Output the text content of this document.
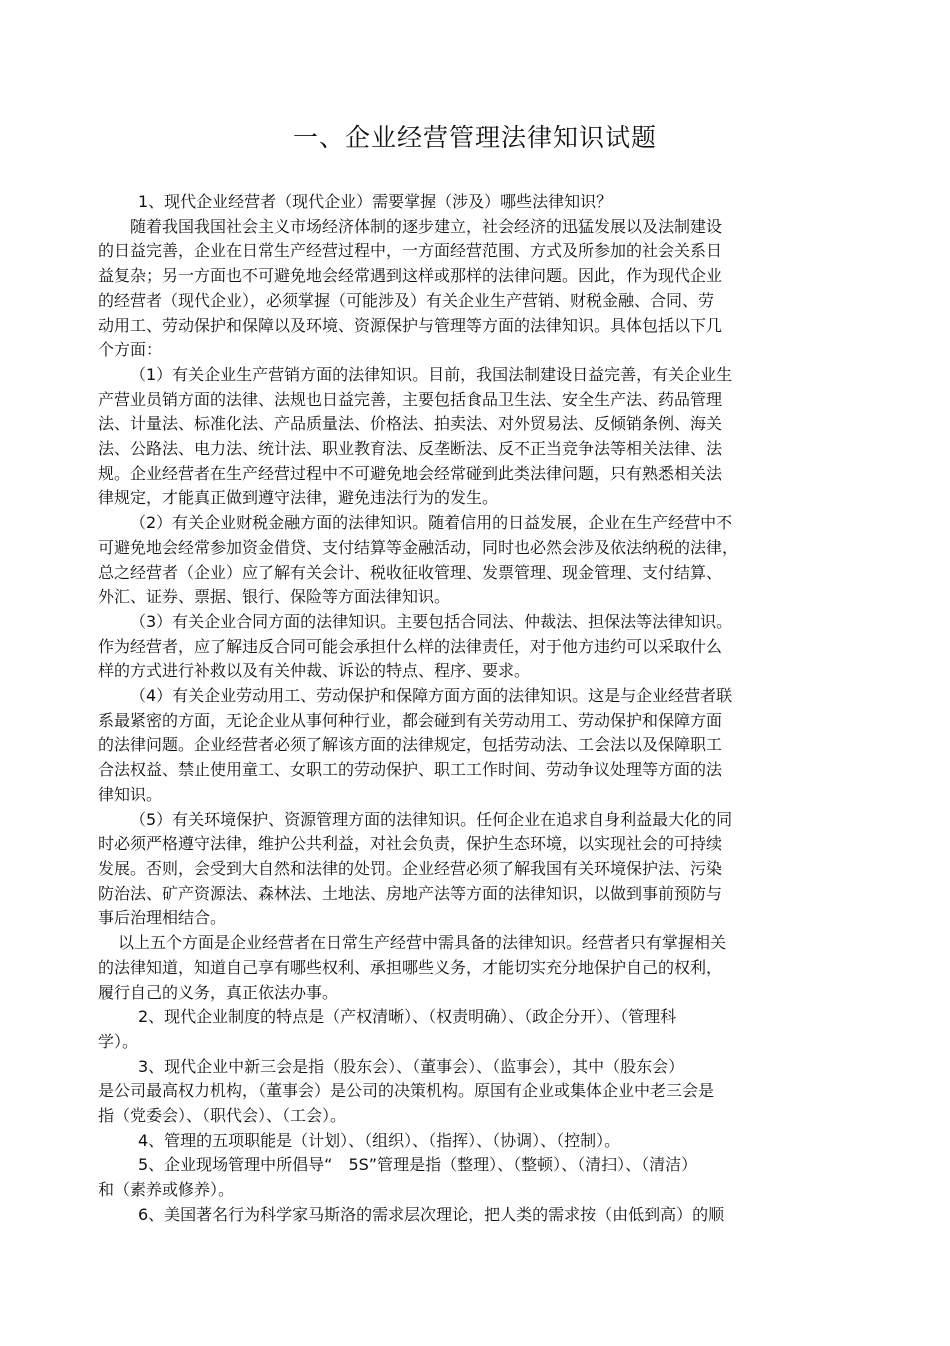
一、企业经营管理法律知识试题
1、现代企业经营者（现代企业）需要掌握（涉及）哪些法律知识？
随着我国我国社会主义市场经济体制的逐步建立，社会经济的迅猛发展以及法制建设
的日益完善，企业在日常生产经营过程中，一方面经营范围、方式及所参加的社会关系日
益复杂；另一方面也不可避免地会经常遇到这样或那样的法律问题。因此，作为现代企业
的经营者（现代企业），必须掌握（可能涉及）有关企业生产营销、财税金融、合同、劳
动用工、劳动保护和保障以及环境、资源保护与管理等方面的法律知识。具体包括以下几
个方面：
（1）有关企业生产营销方面的法律知识。目前，我国法制建设日益完善，有关企业生
产营业员销方面的法律、法规也日益完善，主要包括食品卫生法、安全生产法、药品管理
法、计量法、标准化法、产品质量法、价格法、拍卖法、对外贸易法、反倾销条例、海关
法、公路法、电力法、统计法、职业教育法、反垄断法、反不正当竞争法等相关法律、法
规。企业经营者在生产经营过程中不可避免地会经常碰到此类法律问题，只有熟悉相关法
律规定，才能真正做到遵守法律，避免违法行为的发生。
（2）有关企业财税金融方面的法律知识。随着信用的日益发展，企业在生产经营中不
可避免地会经常参加资金借贷、支付结算等金融活动，同时也必然会涉及依法纳税的法律，
总之经营者（企业）应了解有关会计、税收征收管理、发票管理、现金管理、支付结算、
外汇、证券、票据、银行、保险等方面法律知识。
（3）有关企业合同方面的法律知识。主要包括合同法、仲裁法、担保法等法律知识。
作为经营者，应了解违反合同可能会承担什么样的法律责任，对于他方违约可以采取什么
样的方式进行补救以及有关仲裁、诉讼的特点、程序、要求。
（4）有关企业劳动用工、劳动保护和保障方面方面的法律知识。这是与企业经营者联
系最紧密的方面，无论企业从事何种行业，都会碰到有关劳动用工、劳动保护和保障方面
的法律问题。企业经营者必须了解该方面的法律规定，包括劳动法、工会法以及保障职工
合法权益、禁止使用童工、女职工的劳动保护、职工工作时间、劳动争议处理等方面的法
律知识。
（5）有关环境保护、资源管理方面的法律知识。任何企业在追求自身利益最大化的同
时必须严格遵守法律，维护公共利益，对社会负责，保护生态环境，以实现社会的可持续
发展。否则，会受到大自然和法律的处罚。企业经营必须了解我国有关环境保护法、污染
防治法、矿产资源法、森林法、土地法、房地产法等方面的法律知识，以做到事前预防与
事后治理相结合。
以上五个方面是企业经营者在日常生产经营中需具备的法律知识。经营者只有掌握相关
的法律知道，知道自己享有哪些权利、承担哪些义务，才能切实充分地保护自己的权利，
履行自己的义务，真正依法办事。
2、现代企业制度的特点是（产权清晰）、（权责明确）、（政企分开）、（管理科
学）。
3、现代企业中新三会是指（股东会）、（董事会）、（监事会），其中（股东会）
是公司最高权力机构，（董事会）是公司的决策机构。原国有企业或集体企业中老三会是
指（党委会）、（职代会）、（工会）。
4、管理的五项职能是（计划）、（组织）、（指挥）、（协调）、（控制）。
5、企业现场管理中所倡导“　5S”管理是指（整理）、（整顿）、（清扫）、（清洁）
和（素养或修养）。
6、美国著名行为科学家马斯洛的需求层次理论，把人类的需求按（由低到高）的顺
